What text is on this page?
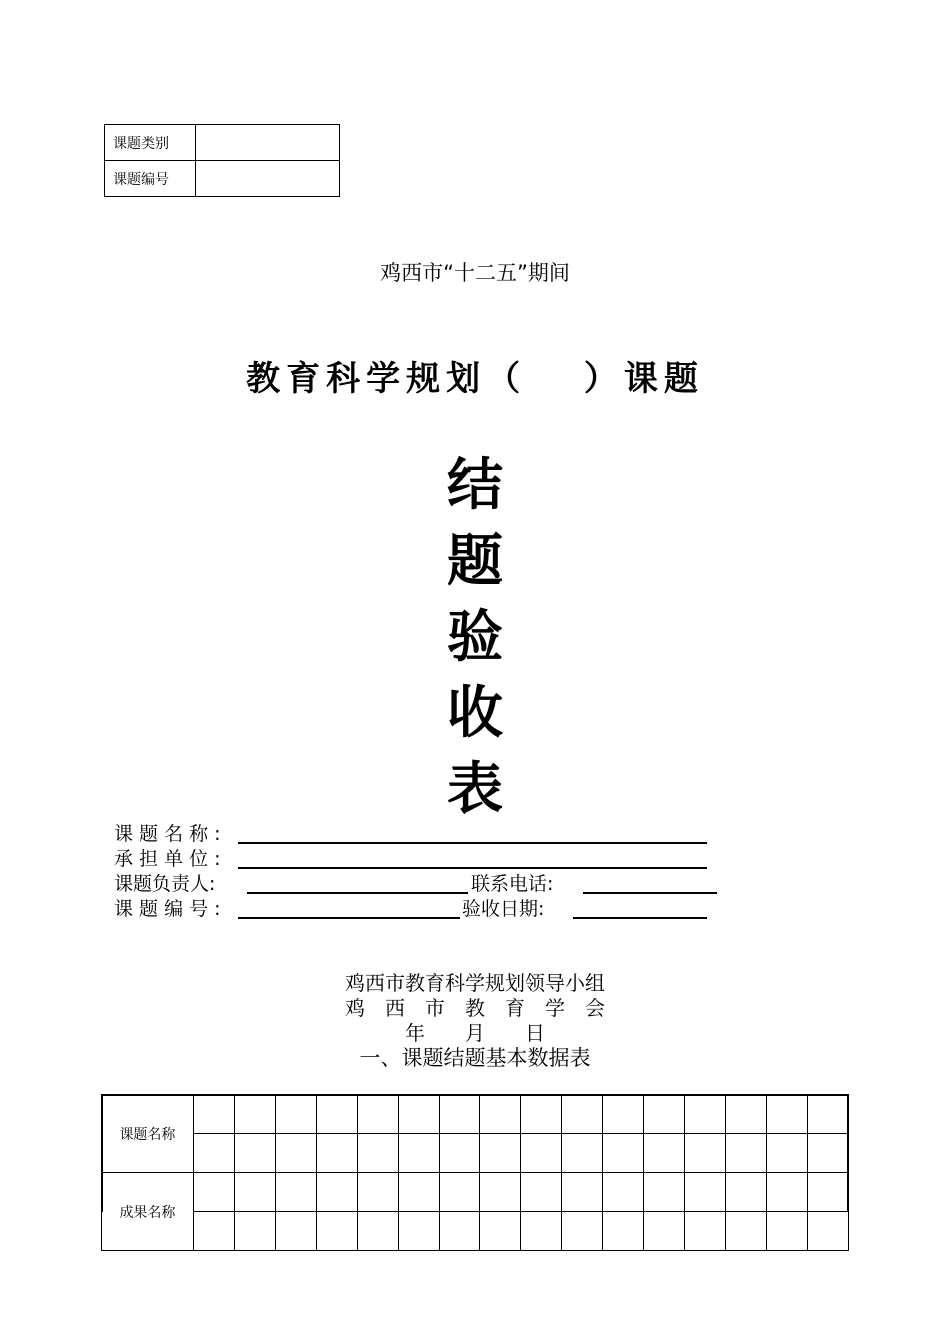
课题类别	
课题编号	
鸡西市“十二五”期间
教育科学规划（　 ）课题
结
题
验
收
表
课 题 名 称 :
承 担 单 位 :
课题负责人:	联系电话:
课 题 编 号 :	验收日期:
鸡西市教育科学规划领导小组
鸡　西　市　教　育　学　会
年　　月　　日
一、课题结题基本数据表
课题名称																

成果名称																
